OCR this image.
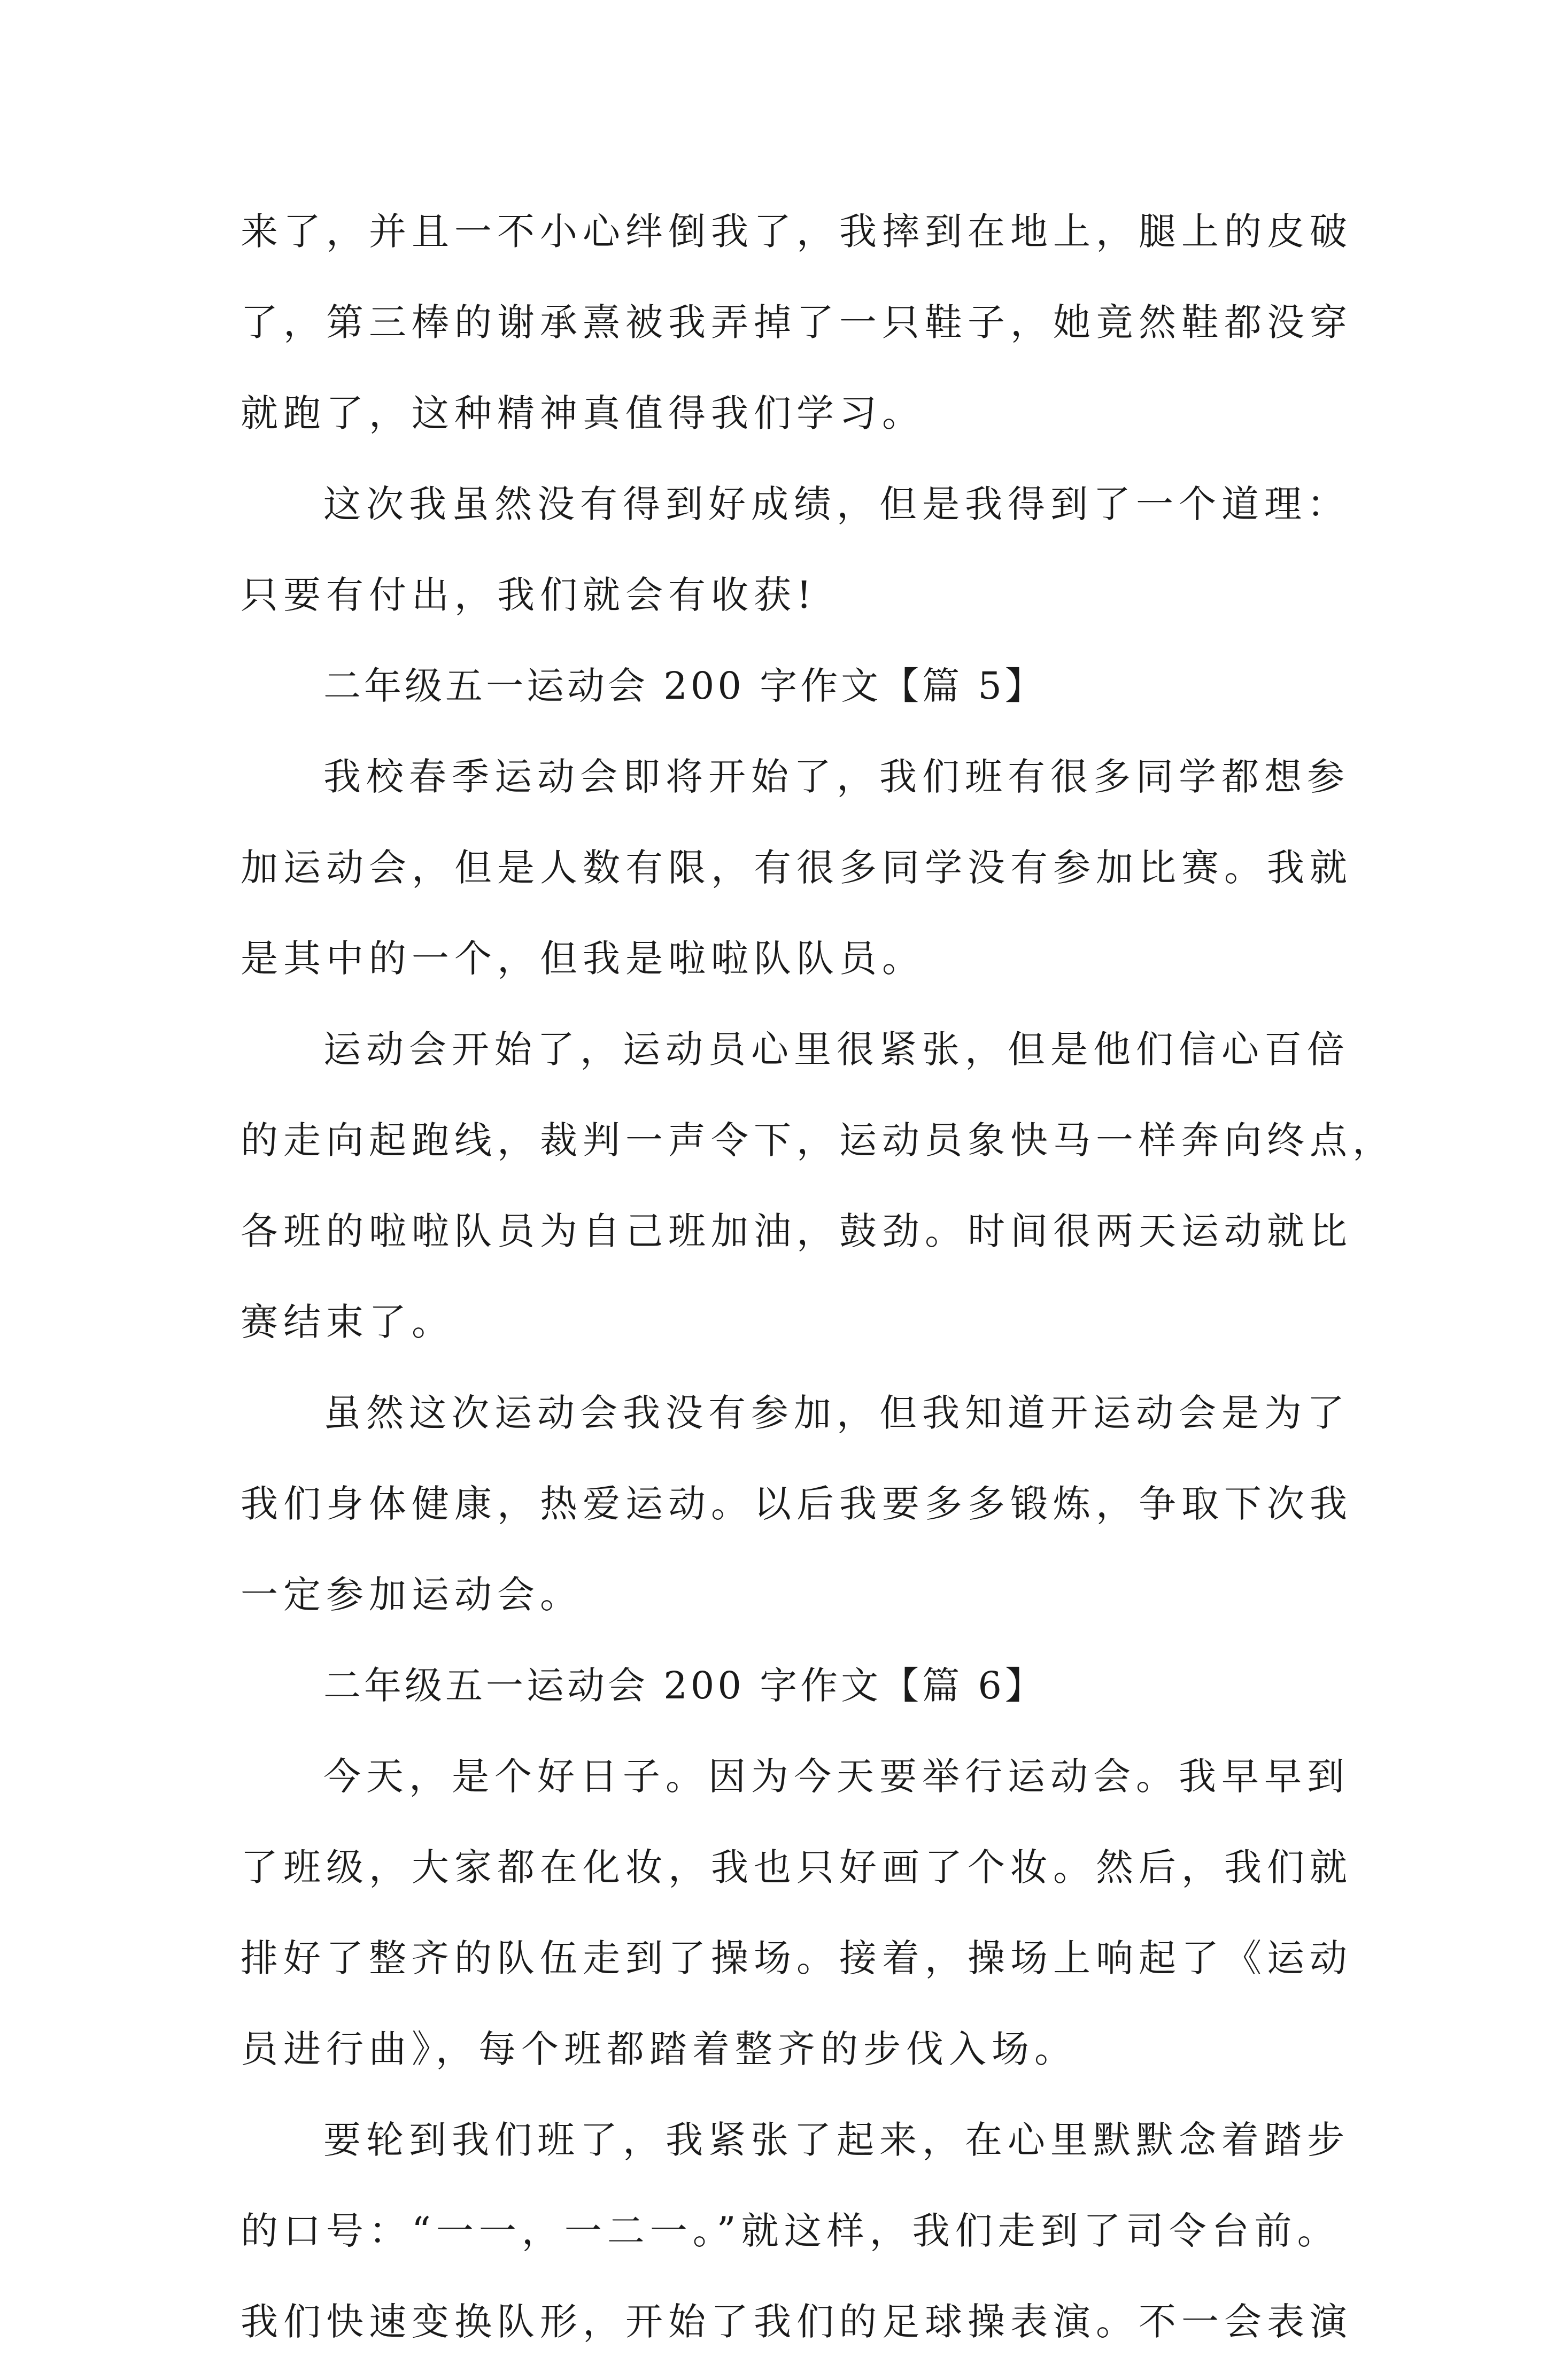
来了，并且一不小心绊倒我了，我摔到在地上，腿上的皮破
了，第三棒的谢承熹被我弄掉了一只鞋子，她竟然鞋都没穿
就跑了，这种精神真值得我们学习。
这次我虽然没有得到好成绩，但是我得到了一个道理：
只要有付出，我们就会有收获!
二年级五一运动会 200 字作文【篇 5】
我校春季运动会即将开始了，我们班有很多同学都想参
加运动会，但是人数有限，有很多同学没有参加比赛。我就
是其中的一个，但我是啦啦队队员。
运动会开始了，运动员心里很紧张，但是他们信心百倍
的走向起跑线，裁判一声令下，运动员象快马一样奔向终点，
各班的啦啦队员为自己班加油，鼓劲。时间很两天运动就比
赛结束了。
虽然这次运动会我没有参加，但我知道开运动会是为了
我们身体健康，热爱运动。以后我要多多锻炼，争取下次我
一定参加运动会。
二年级五一运动会 200 字作文【篇 6】
今天，是个好日子。因为今天要举行运动会。我早早到
了班级，大家都在化妆，我也只好画了个妆。然后，我们就
排好了整齐的队伍走到了操场。接着，操场上响起了《运动
员进行曲》，每个班都踏着整齐的步伐入场。
要轮到我们班了，我紧张了起来，在心里默默念着踏步
的口号：“一一，一二一。”就这样，我们走到了司令台前。
我们快速变换队形，开始了我们的足球操表演。不一会表演
